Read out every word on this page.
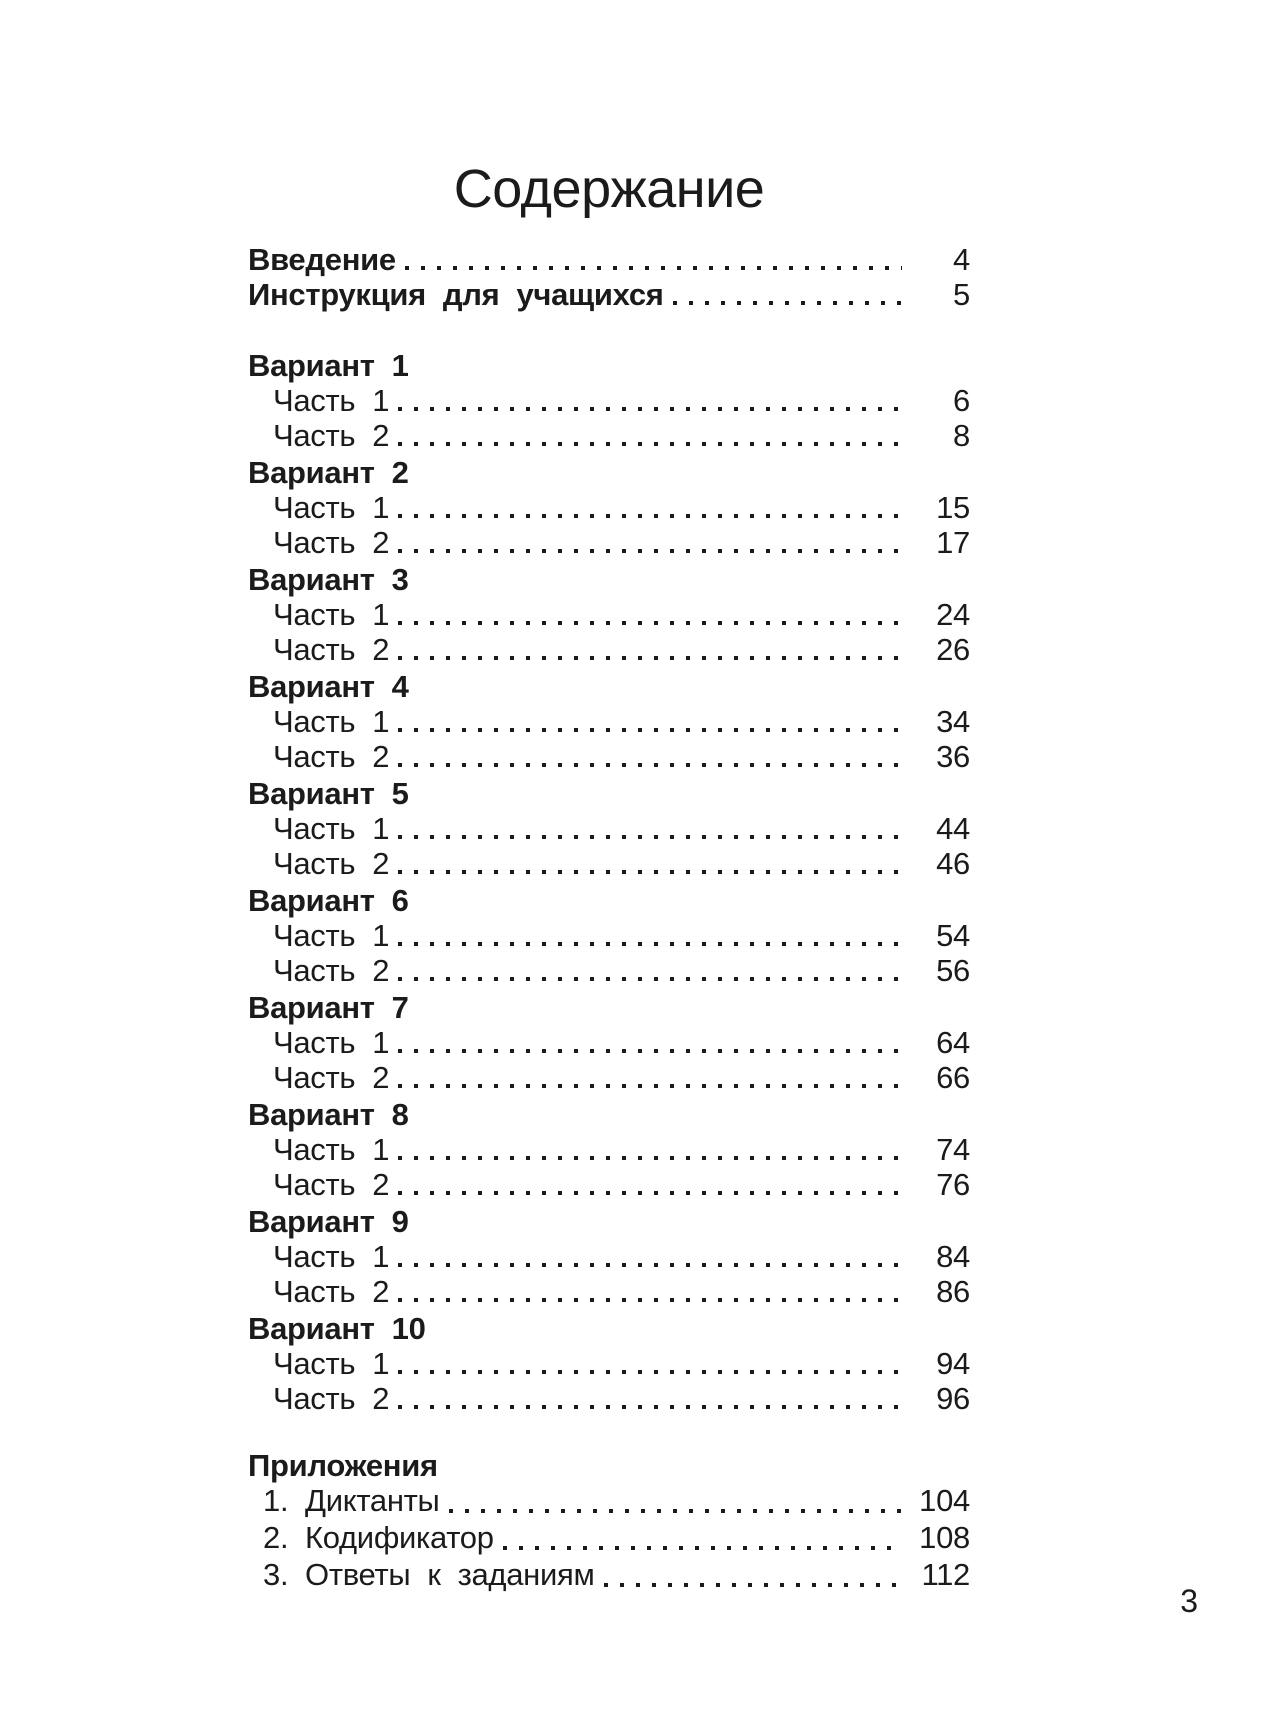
Содержание
Введение	4
Инструкция для учащихся	5
Вариант 1
Часть 1	6
Часть 2	8
Вариант 2
Часть 1	15
Часть 2	17
Вариант 3
Часть 1	24
Часть 2	26
Вариант 4
Часть 1	34
Часть 2	36
Вариант 5
Часть 1	44
Часть 2	46
Вариант 6
Часть 1	54
Часть 2	56
Вариант 7
Часть 1	64
Часть 2	66
Вариант 8
Часть 1	74
Часть 2	76
Вариант 9
Часть 1	84
Часть 2	86
Вариант 10
Часть 1	94
Часть 2	96
Приложения
1. Диктанты	104
2. Кодификатор	108
3. Ответы к заданиям	112
3
